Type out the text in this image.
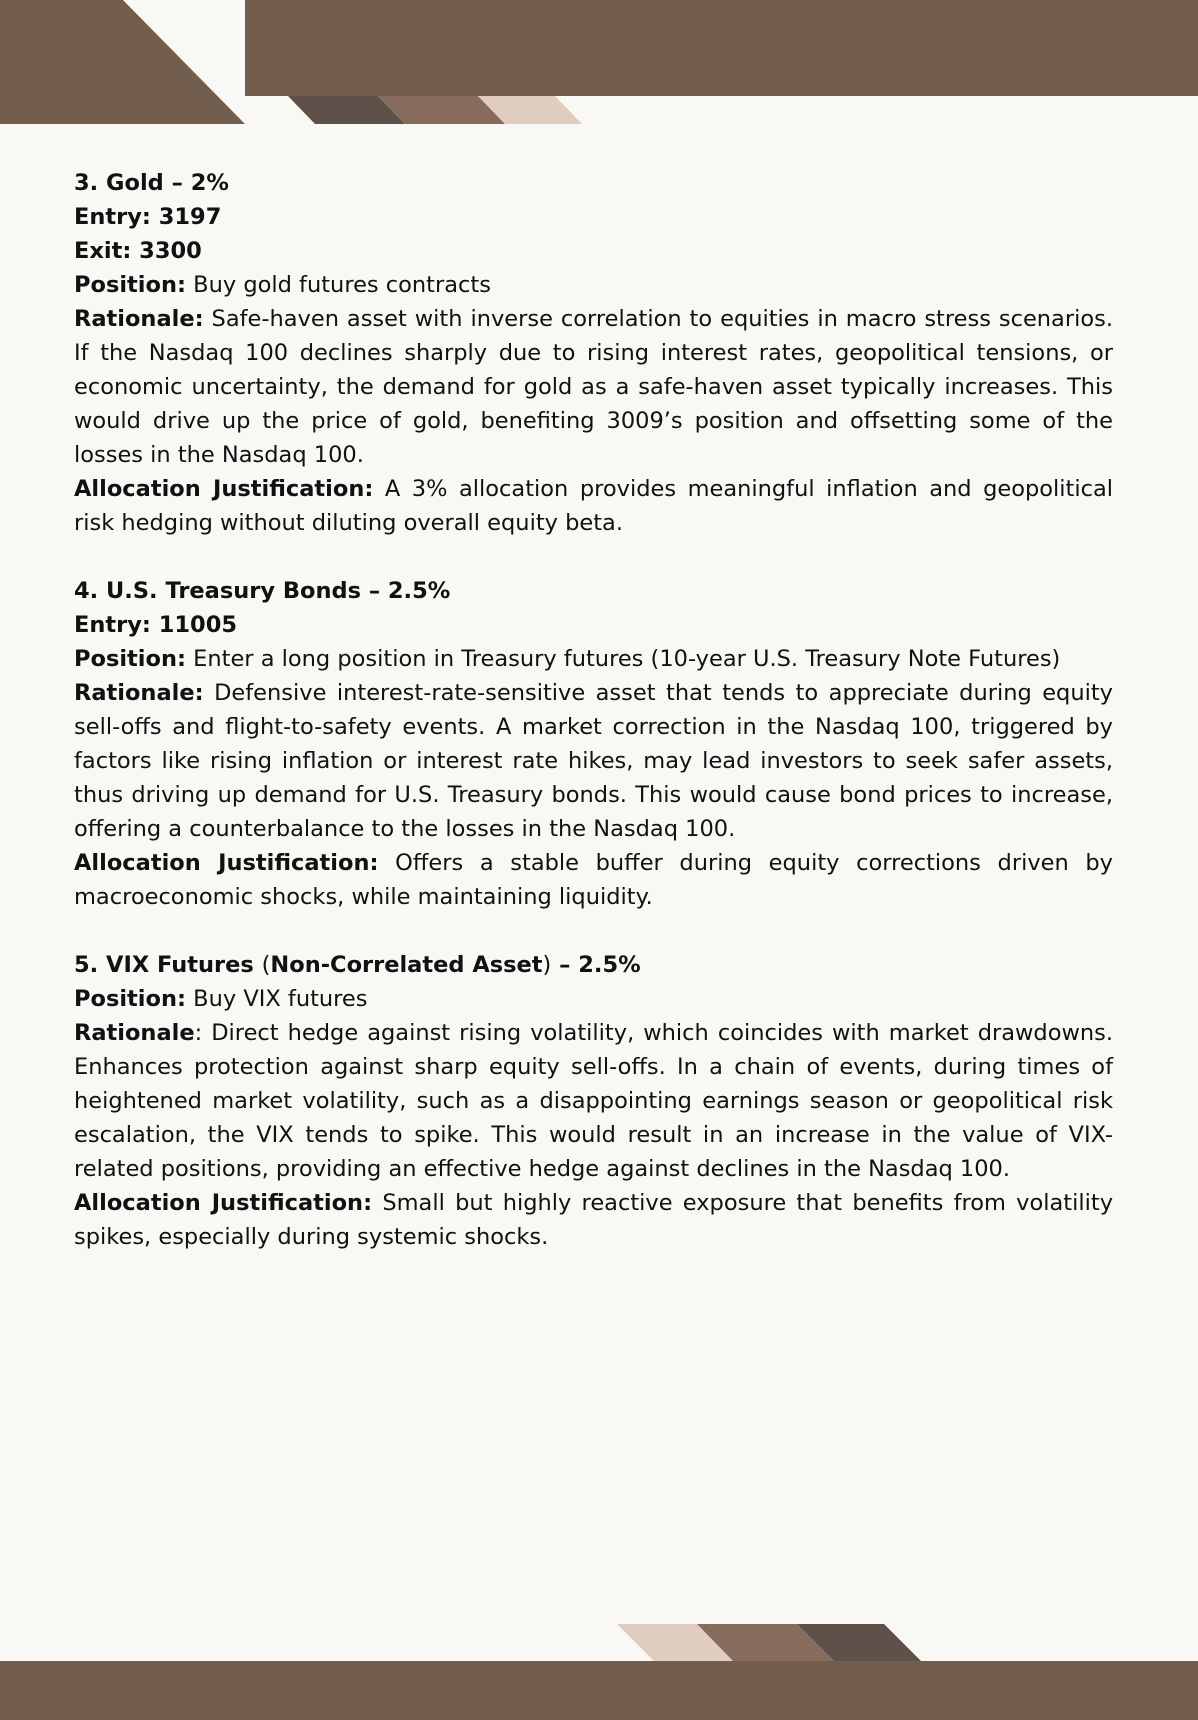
3. Gold – 2%

Entry: 3197

Exit: 3300

Position: Buy gold futures contracts

Rationale: Safe-haven asset with inverse correlation to equities in macro stress scenarios. If the Nasdaq 100 declines sharply due to rising interest rates, geopolitical tensions, or economic uncertainty, the demand for gold as a safe-haven asset typically increases. This would drive up the price of gold, benefiting 3009’s position and offsetting some of the losses in the Nasdaq 100.

Allocation Justification: A 3% allocation provides meaningful inflation and geopolitical risk hedging without diluting overall equity beta.

4. U.S. Treasury Bonds – 2.5%

Entry: 11005

Position: Enter a long position in Treasury futures (10-year U.S. Treasury Note Futures)

Rationale: Defensive interest-rate-sensitive asset that tends to appreciate during equity sell-offs and flight-to-safety events. A market correction in the Nasdaq 100, triggered by factors like rising inflation or interest rate hikes, may lead investors to seek safer assets, thus driving up demand for U.S. Treasury bonds. This would cause bond prices to increase, offering a counterbalance to the losses in the Nasdaq 100.

Allocation Justification: Offers a stable buffer during equity corrections driven by macroeconomic shocks, while maintaining liquidity.

5. VIX Futures (Non-Correlated Asset) – 2.5%

Position: Buy VIX futures

Rationale: Direct hedge against rising volatility, which coincides with market drawdowns. Enhances protection against sharp equity sell-offs. In a chain of events, during times of heightened market volatility, such as a disappointing earnings season or geopolitical risk escalation, the VIX tends to spike. This would result in an increase in the value of VIX-related positions, providing an effective hedge against declines in the Nasdaq 100.

Allocation Justification: Small but highly reactive exposure that benefits from volatility spikes, especially during systemic shocks.
